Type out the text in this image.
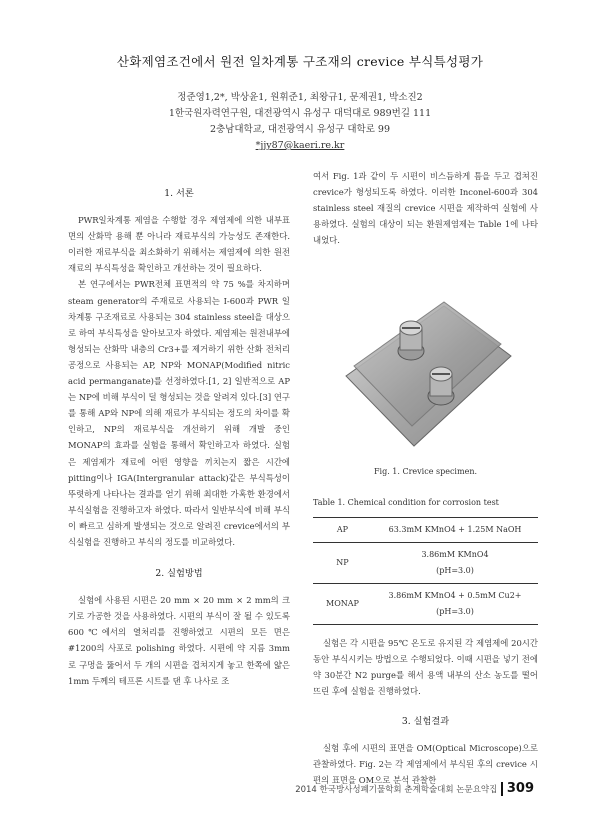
산화제염조건에서 원전 일차계통 구조재의 crevice 부식특성평가
정준영1,2*, 박상윤1, 원휘준1, 최왕규1, 문제권1, 박소진2
1한국원자력연구원, 대전광역시 유성구 대덕대로 989번길 111
2충남대학교, 대전광역시 유성구 대학로 99
*jjy87@kaeri.re.kr
1. 서론

PWR일차계통 제염을 수행할 경우 제염제에 의한 내부표면의 산화막 용해 뿐 아니라 재료부식의 가능성도 존재한다. 이러한 재료부식을 최소화하기 위해서는 제염제에 의한 원전 재료의 부식특성을 확인하고 개선하는 것이 필요하다.

본 연구에서는 PWR전체 표면적의 약 75 %를 차지하며 steam generator의 주재료로 사용되는 I-600과 PWR 일차계통 구조재료로 사용되는 304 stainless steel을 대상으로 하여 부식특성을 알아보고자 하였다. 제염제는 원전내부에 형성되는 산화막 내층의 Cr3+를 제거하기 위한 산화 전처리 공정으로 사용되는 AP, NP와 MONAP(Modified nitric acid permanganate)를 선정하였다.[1, 2] 일반적으로 AP는 NP에 비해 부식이 덜 형성되는 것을 알려져 있다.[3] 연구를 통해 AP와 NP에 의해 재료가 부식되는 정도의 차이를 확인하고, NP의 재료부식을 개선하기 위해 개발 중인 MONAP의 효과를 실험을 통해서 확인하고자 하였다. 실험은 제염제가 재료에 어떤 영향을 끼치는지 짧은 시간에 pitting이나 IGA(Intergranular attack)같은 부식특성이 뚜렷하게 나타나는 결과를 얻기 위해 최대한 가혹한 환경에서 부식실험을 진행하고자 하였다. 따라서 일반부식에 비해 부식이 빠르고 심하게 발생되는 것으로 알려진 crevice에서의 부식실험을 진행하고 부식의 정도를 비교하였다.

2. 실험방법

실험에 사용된 시편은 20 mm × 20 mm × 2 mm의 크기로 가공한 것을 사용하였다. 시편의 부식이 잘 될 수 있도록 600℃에서의 열처리를 진행하였고 시편의 모든 면은 #1200의 사포로 polishing 하였다. 시편에 약 지름 3mm로 구멍을 뚫어서 두 개의 시편을 겹쳐지게 놓고 한쪽에 얇은 1mm 두께의 테프론 시트를 댄 후 나사로 조

여서 Fig. 1과 같이 두 시편이 비스듬하게 틈을 두고 겹쳐진 crevice가 형성되도록 하였다. 이러한 Inconel-600과 304 stainless steel 재질의 crevice 시편을 제작하여 실험에 사용하였다. 실험의 대상이 되는 환원제염제는 Table 1에 나타내었다.

Fig. 1. Crevice specimen.
Table 1. Chemical condition for corrosion test
AP	63.3mM KMnO4 + 1.25M NaOH
NP	3.86mM KMnO4
(pH=3.0)
MONAP	3.86mM KMnO4 + 0.5mM Cu2+
(pH=3.0)

실험은 각 시편을 95℃ 온도로 유지된 각 제염제에 20시간 동안 부식시키는 방법으로 수행되었다. 이때 시편을 넣기 전에 약 30분간 N2 purge를 해서 용액 내부의 산소 농도를 떨어뜨린 후에 실험을 진행하였다.

3. 실험결과

실험 후에 시편의 표면을 OM(Optical Microscope)으로 관찰하였다. Fig. 2는 각 제염제에서 부식된 후의 crevice 시편의 표면을 OM으로 분석 관찰한

2014 한국방사성폐기물학회 춘계학술대회 논문요약집 309
